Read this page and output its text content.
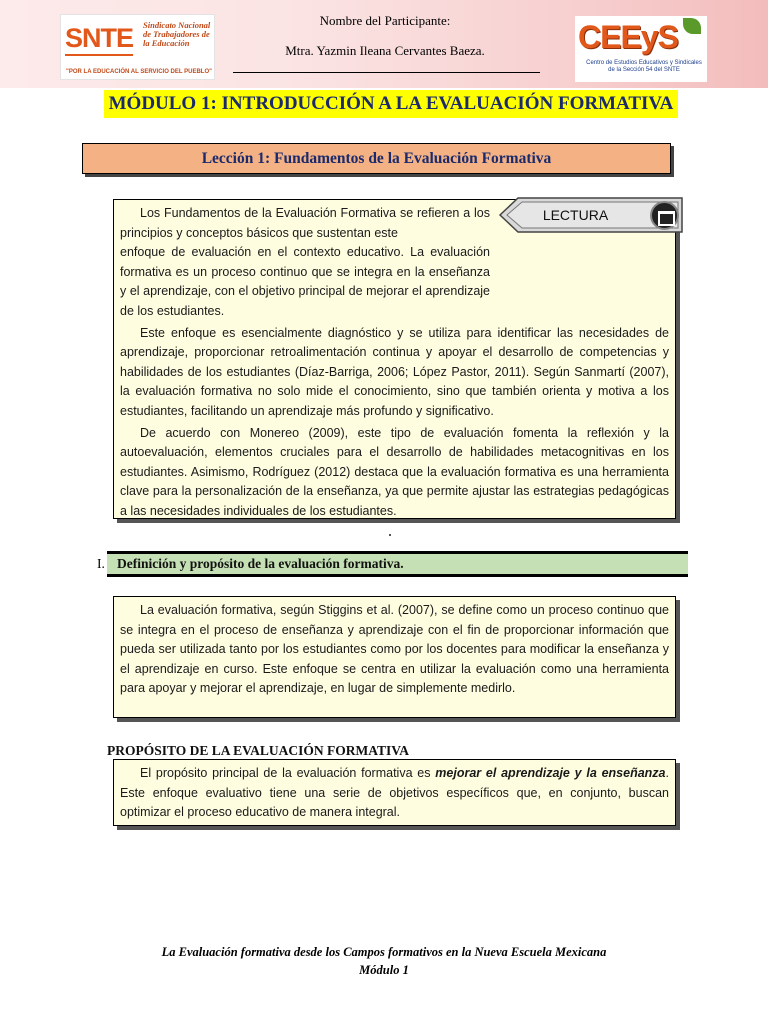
SNTE Sindicato Nacional de Trabajadores de la Educación
"POR LA EDUCACIÓN AL SERVICIO DEL PUEBLO"
Nombre del Participante:
Mtra. Yazmin Ileana Cervantes Baeza.	CEEyS
Centro de Estudios Educativos y Sindicales de la Sección 54 del SNTE
MÓDULO 1: INTRODUCCIÓN A LA EVALUACIÓN FORMATIVA
Lección 1: Fundamentos de la Evaluación Formativa

Los Fundamentos de la Evaluación Formativa se refieren a los principios y conceptos básicos que sustentan este

enfoque de evaluación en el contexto educativo. La evaluación formativa es un proceso continuo que se integra en la enseñanza y el aprendizaje, con el objetivo principal de mejorar el aprendizaje de los estudiantes.

Este enfoque es esencialmente diagnóstico y se utiliza para identificar las necesidades de aprendizaje, proporcionar retroalimentación continua y apoyar el desarrollo de competencias y habilidades de los estudiantes (Díaz-Barriga, 2006; López Pastor, 2011). Según Sanmartí (2007), la evaluación formativa no solo mide el conocimiento, sino que también orienta y motiva a los estudiantes, facilitando un aprendizaje más profundo y significativo.

De acuerdo con Monereo (2009), este tipo de evaluación fomenta la reflexión y la autoevaluación, elementos cruciales para el desarrollo de habilidades metacognitivas en los estudiantes. Asimismo, Rodríguez (2012) destaca que la evaluación formativa es una herramienta clave para la personalización de la enseñanza, ya que permite ajustar las estrategias pedagógicas a las necesidades individuales de los estudiantes.

LECTURA
I. Definición y propósito de la evaluación formativa.

La evaluación formativa, según Stiggins et al. (2007), se define como un proceso continuo que se integra en el proceso de enseñanza y aprendizaje con el fin de proporcionar información que pueda ser utilizada tanto por los estudiantes como por los docentes para modificar la enseñanza y el aprendizaje en curso. Este enfoque se centra en utilizar la evaluación como una herramienta para apoyar y mejorar el aprendizaje, en lugar de simplemente medirlo.

PROPÓSITO DE LA EVALUACIÓN FORMATIVA

El propósito principal de la evaluación formativa es mejorar el aprendizaje y la enseñanza. Este enfoque evaluativo tiene una serie de objetivos específicos que, en conjunto, buscan optimizar el proceso educativo de manera integral.

La Evaluación formativa desde los Campos formativos en la Nueva Escuela Mexicana
Módulo 1
